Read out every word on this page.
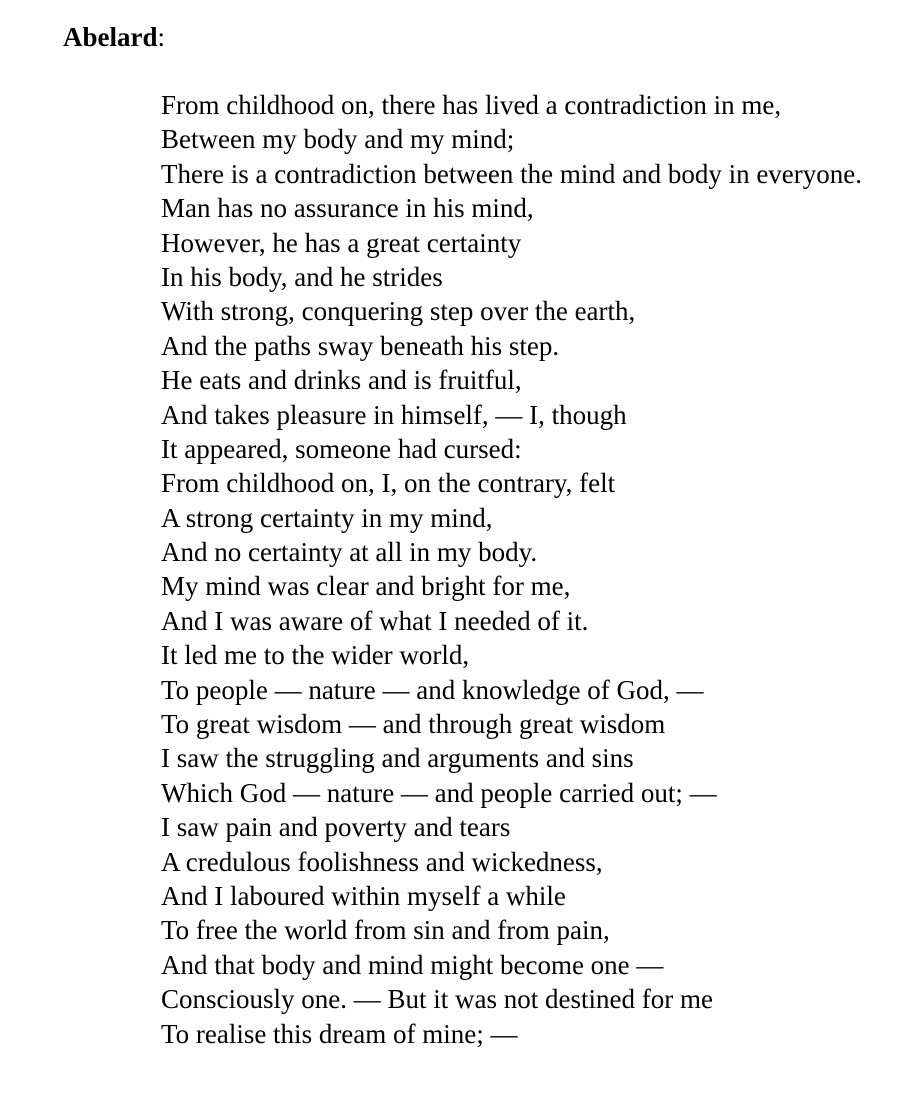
Abelard:
From childhood on, there has lived a contradiction in me,
Between my body and my mind;
There is a contradiction between the mind and body in everyone.
Man has no assurance in his mind,
However, he has a great certainty
In his body, and he strides
With strong, conquering step over the earth,
And the paths sway beneath his step.
He eats and drinks and is fruitful,
And takes pleasure in himself, — I, though
It appeared, someone had cursed:
From childhood on, I, on the contrary, felt
A strong certainty in my mind,
And no certainty at all in my body.
My mind was clear and bright for me,
And I was aware of what I needed of it.
It led me to the wider world,
To people — nature — and knowledge of God, —
To great wisdom — and through great wisdom
I saw the struggling and arguments and sins
Which God — nature — and people carried out; —
I saw pain and poverty and tears
A credulous foolishness and wickedness,
And I laboured within myself a while
To free the world from sin and from pain,
And that body and mind might become one —
Consciously one. — But it was not destined for me
To realise this dream of mine; —
